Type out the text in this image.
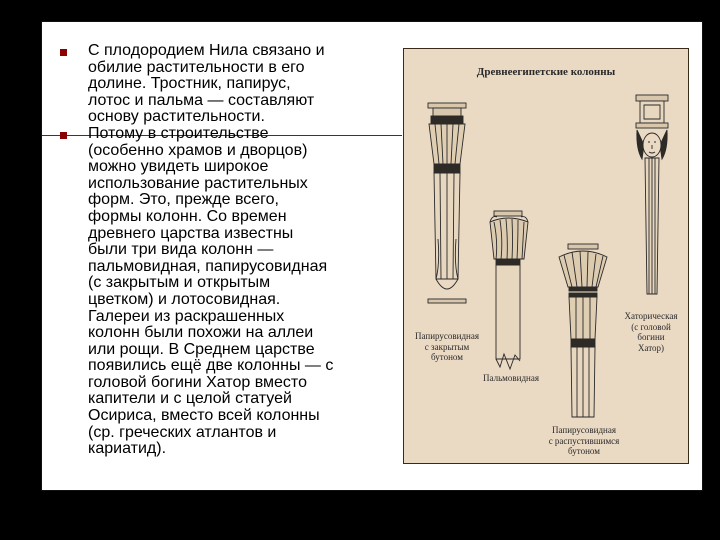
С плодородием Нила связано и
обилие растительности в его
долине. Тростник, папирус,
лотос и пальма — составляют
основу растительности.
Потому в строительстве
(особенно храмов и дворцов)
можно увидеть широкое
использование растительных
форм. Это, прежде всего,
формы колонн. Со времен
древнего царства известны
были три вида колонн —
пальмовидная, папирусовидная
(с закрытым и открытым
цветком) и лотосовидная.
Галереи из раскрашенных
колонн были похожи на аллеи
или рощи. В Среднем царстве
появились ещё две колонны — с
головой богини Хатор вместо
капители и с целой статуей
Осириса, вместо всей колонны
(ср. греческих атлантов и
кариатид).
Древнеегипетские колонны
Папирусовидная
с закрытым
бутоном
Пальмовидная
Папирусовидная
с распустившимся
бутоном
Хаторическая
(с головой
богини
Хатор)
